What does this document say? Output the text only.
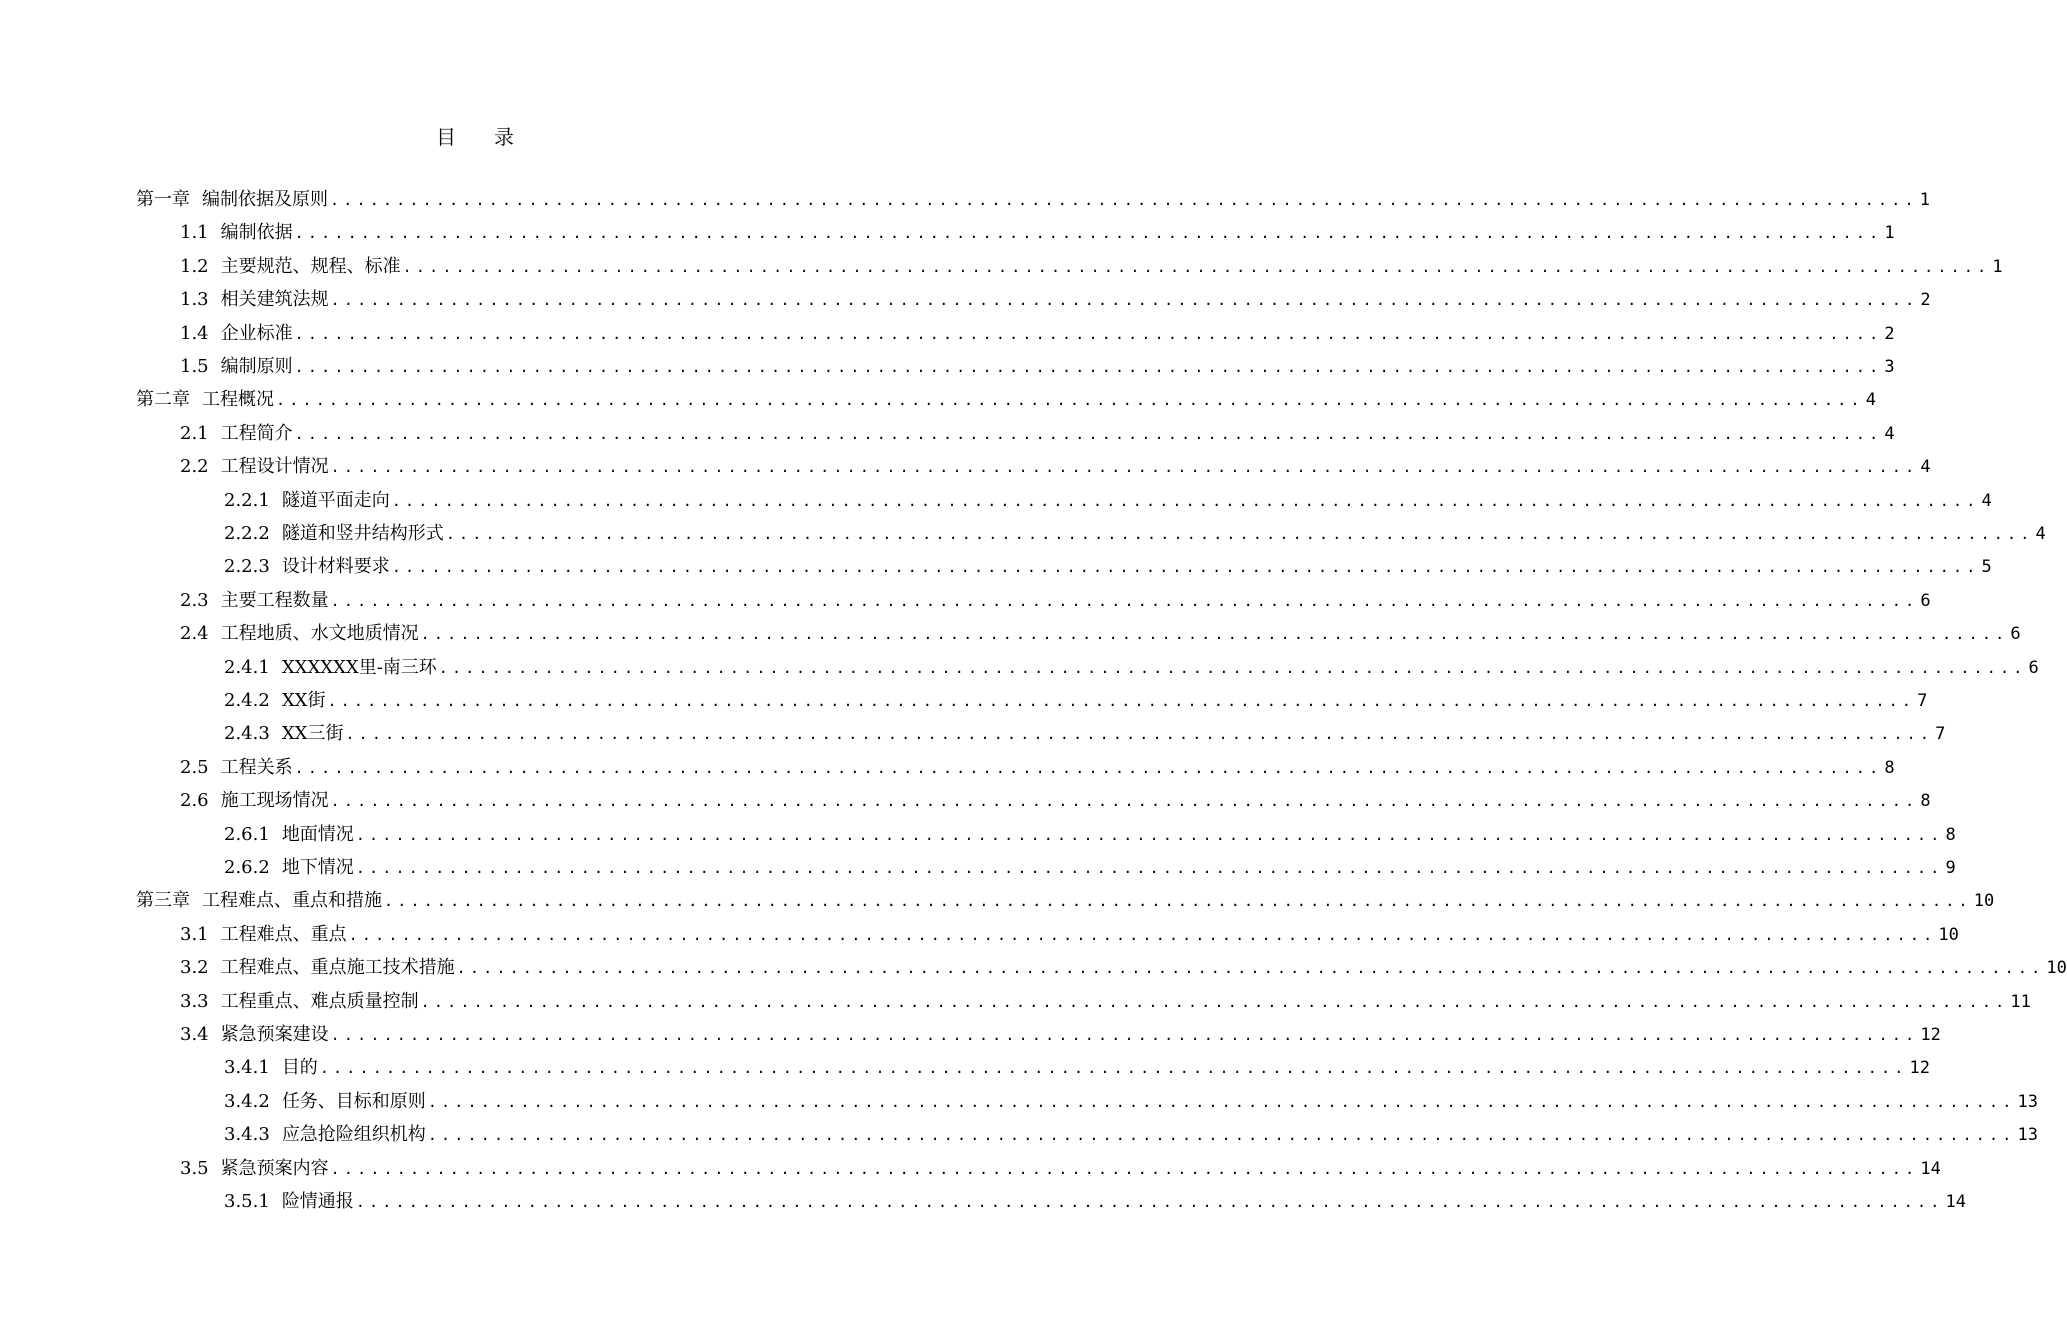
目录
第一章 编制依据及原则 ........................................................................................................................ 1
1.1 编制依据 ........................................................................................................................ 1
1.2 主要规范、规程、标准 ........................................................................................................................ 1
1.3 相关建筑法规 ........................................................................................................................ 2
1.4 企业标准 ........................................................................................................................ 2
1.5 编制原则 ........................................................................................................................ 3
第二章 工程概况 ........................................................................................................................ 4
2.1 工程简介 ........................................................................................................................ 4
2.2 工程设计情况 ........................................................................................................................ 4
2.2.1 隧道平面走向 ........................................................................................................................ 4
2.2.2 隧道和竖井结构形式 ........................................................................................................................ 4
2.2.3 设计材料要求 ........................................................................................................................ 5
2.3 主要工程数量 ........................................................................................................................ 6
2.4 工程地质、水文地质情况 ........................................................................................................................ 6
2.4.1 XXXXXX里-南三环 ........................................................................................................................ 6
2.4.2 XX街 ........................................................................................................................ 7
2.4.3 XX三街 ........................................................................................................................ 7
2.5 工程关系 ........................................................................................................................ 8
2.6 施工现场情况 ........................................................................................................................ 8
2.6.1 地面情况 ........................................................................................................................ 8
2.6.2 地下情况 ........................................................................................................................ 9
第三章 工程难点、重点和措施 ........................................................................................................................ 10
3.1 工程难点、重点 ........................................................................................................................ 10
3.2 工程难点、重点施工技术措施 ........................................................................................................................ 10
3.3 工程重点、难点质量控制 ........................................................................................................................ 11
3.4 紧急预案建设 ........................................................................................................................ 12
3.4.1 目的 ........................................................................................................................ 12
3.4.2 任务、目标和原则 ........................................................................................................................ 13
3.4.3 应急抢险组织机构 ........................................................................................................................ 13
3.5 紧急预案内容 ........................................................................................................................ 14
3.5.1 险情通报 ........................................................................................................................ 14
